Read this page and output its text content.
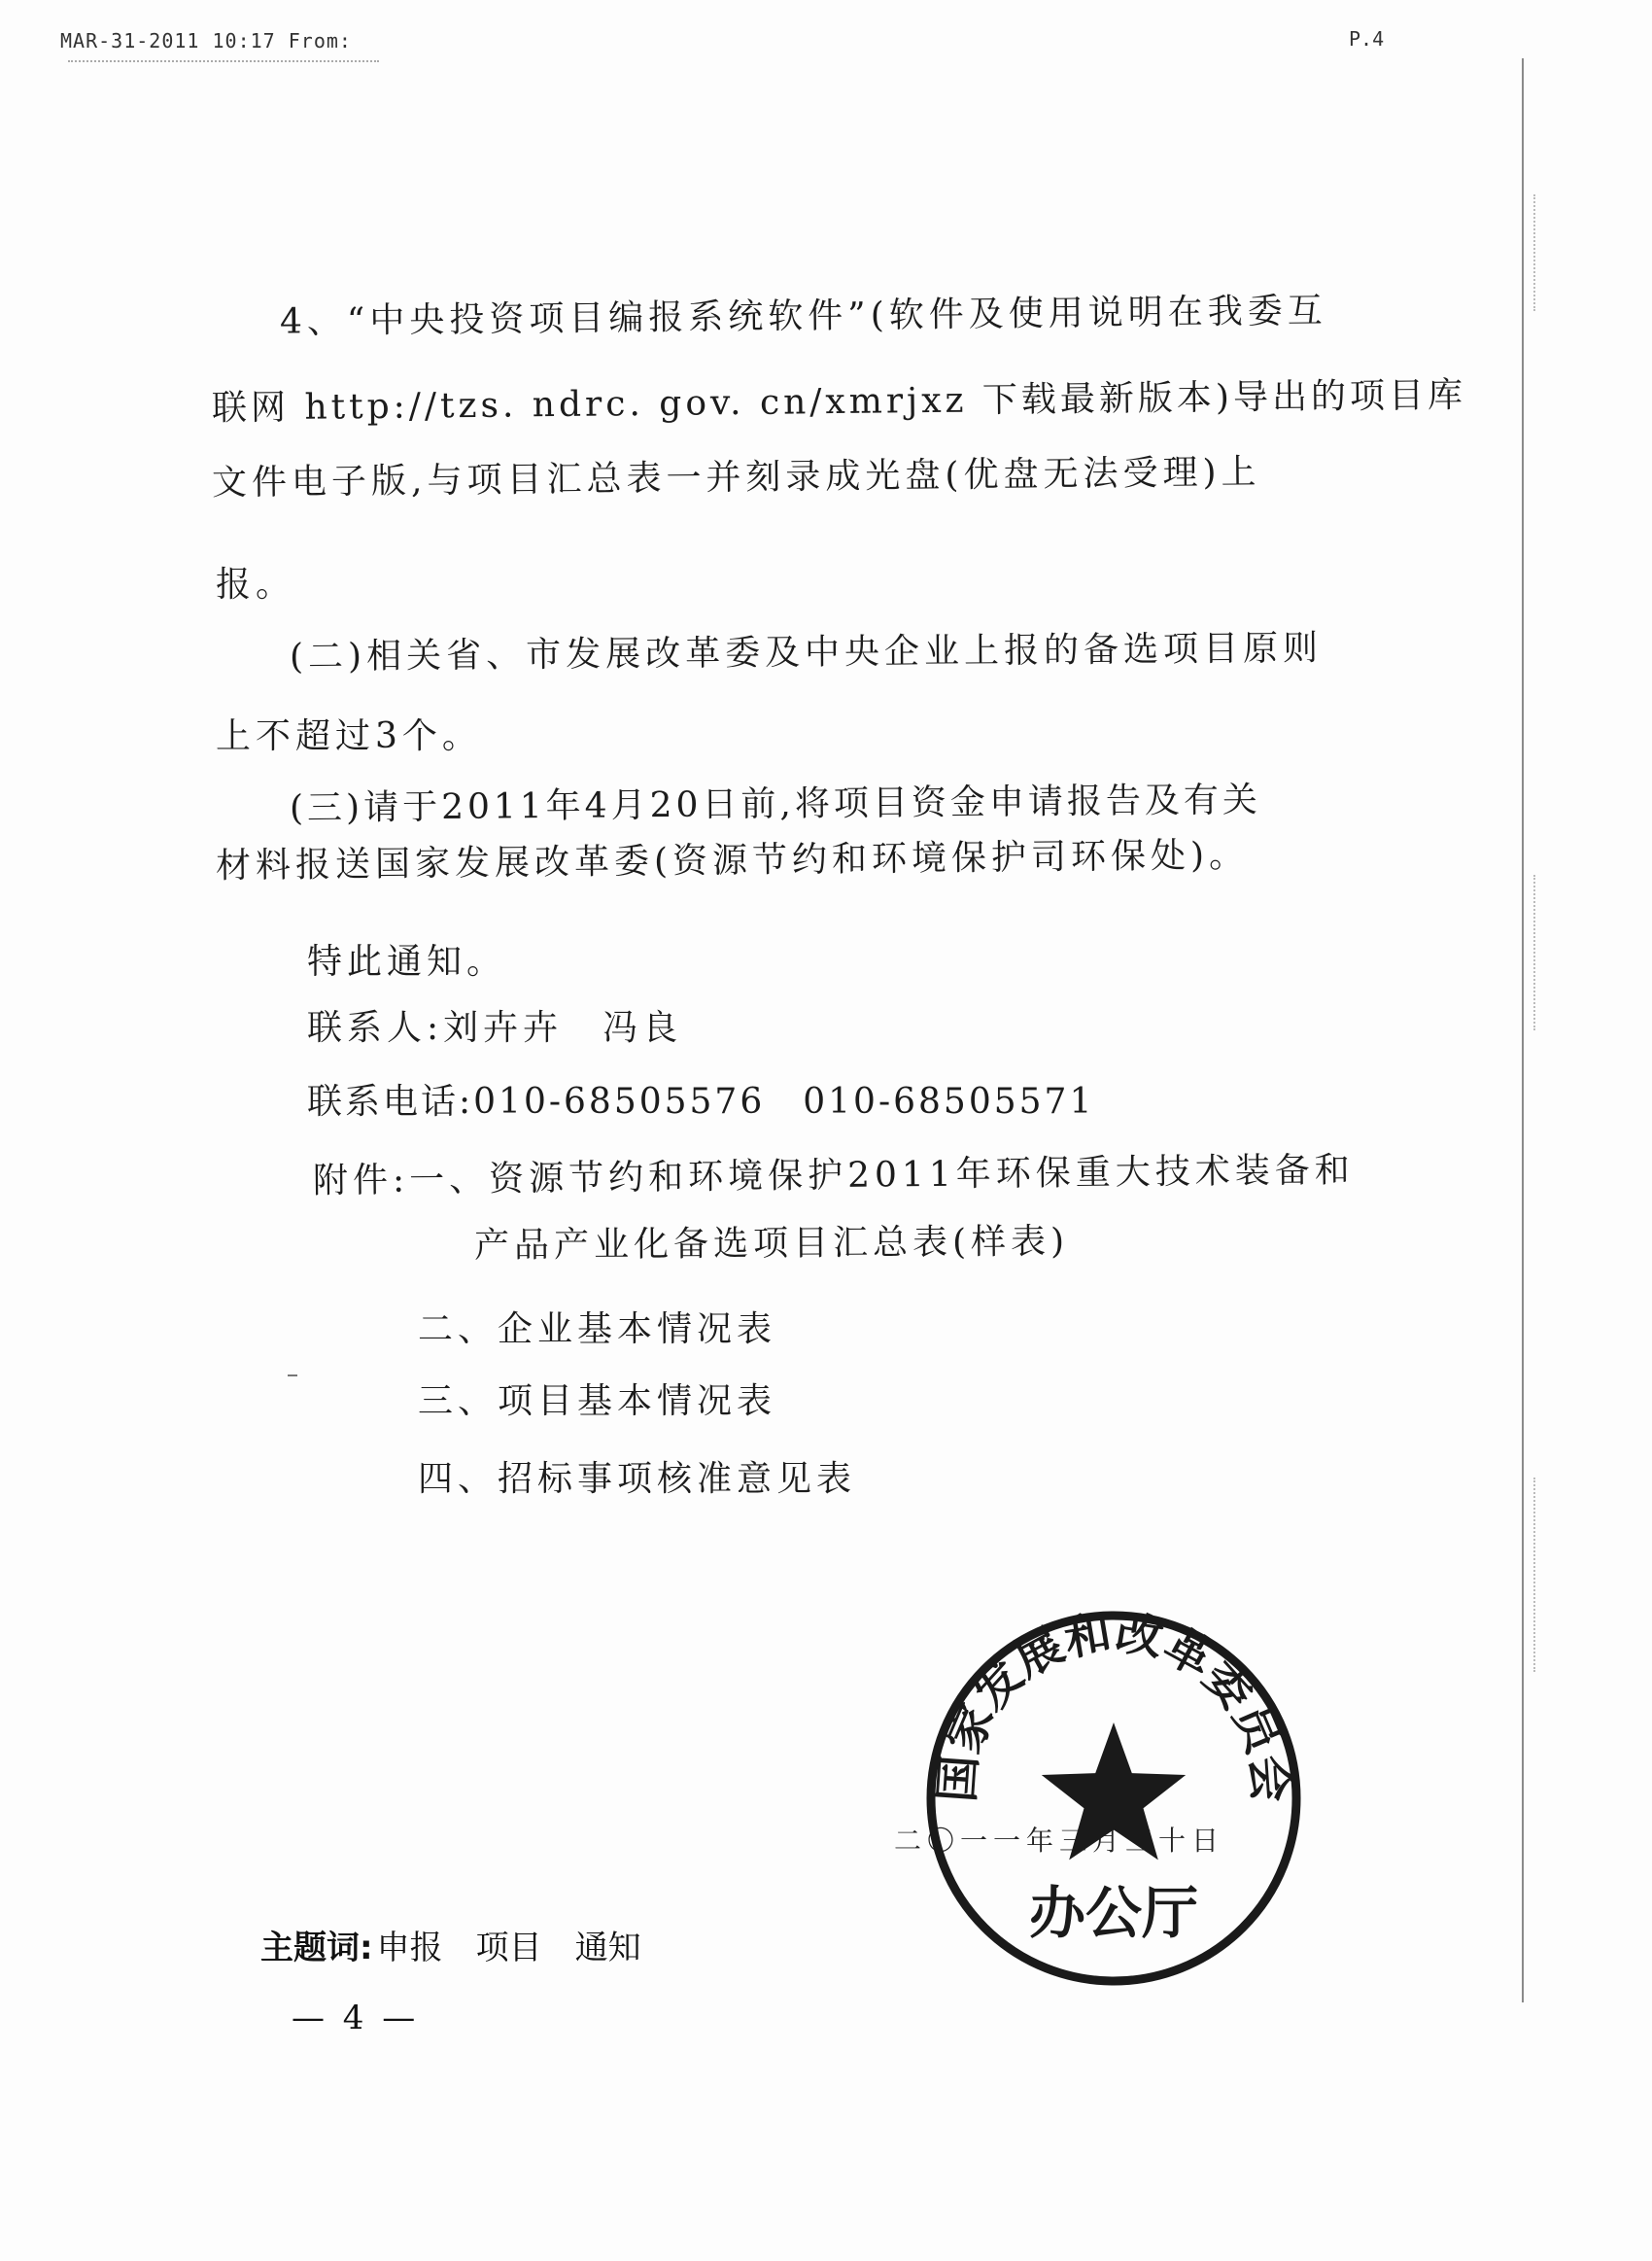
MAR-31-2011 10:17 From:	P.4
4、“中央投资项目编报系统软件”(软件及使用说明在我委互
联网 http://tzs. ndrc. gov. cn/xmrjxz 下载最新版本)导出的项目库
文件电子版,与项目汇总表一并刻录成光盘(优盘无法受理)上
报。
(二)相关省、市发展改革委及中央企业上报的备选项目原则
上不超过3个。
(三)请于2011年4月20日前,将项目资金申请报告及有关
材料报送国家发展改革委(资源节约和环境保护司环保处)。
特此通知。
联系人:刘卉卉　冯良
联系电话:010-68505576　010-68505571
附件:一、资源节约和环境保护2011年环保重大技术装备和
产品产业化备选项目汇总表(样表)
二、企业基本情况表
三、项目基本情况表
四、招标事项核准意见表
二〇一一年三月三十日
国家发展和改革委员会
办公厅
主题词: 申报 项目 通知
— 4 —
